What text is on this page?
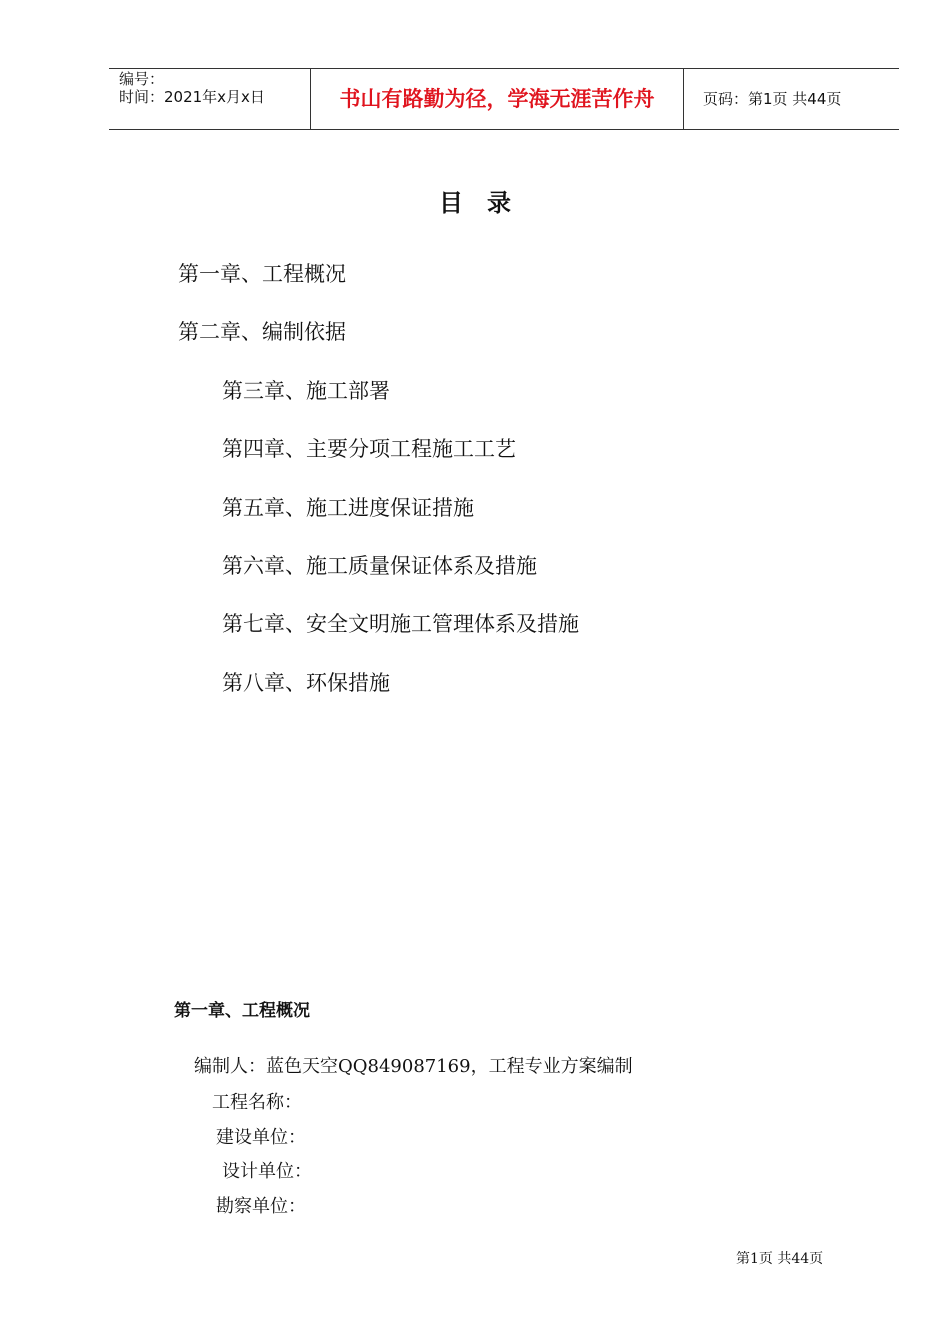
编号：
时间：2021年x月x日	书山有路勤为径，学海无涯苦作舟	页码：第1页 共44页
目录
第一章、工程概况
第二章、编制依据
第三章、施工部署
第四章、主要分项工程施工工艺
第五章、施工进度保证措施
第六章、施工质量保证体系及措施
第七章、安全文明施工管理体系及措施
第八章、环保措施
第一章、工程概况
编制人：蓝色天空QQ849087169，工程专业方案编制
工程名称：
建设单位：
设计单位：
勘察单位：
第1页 共44页
